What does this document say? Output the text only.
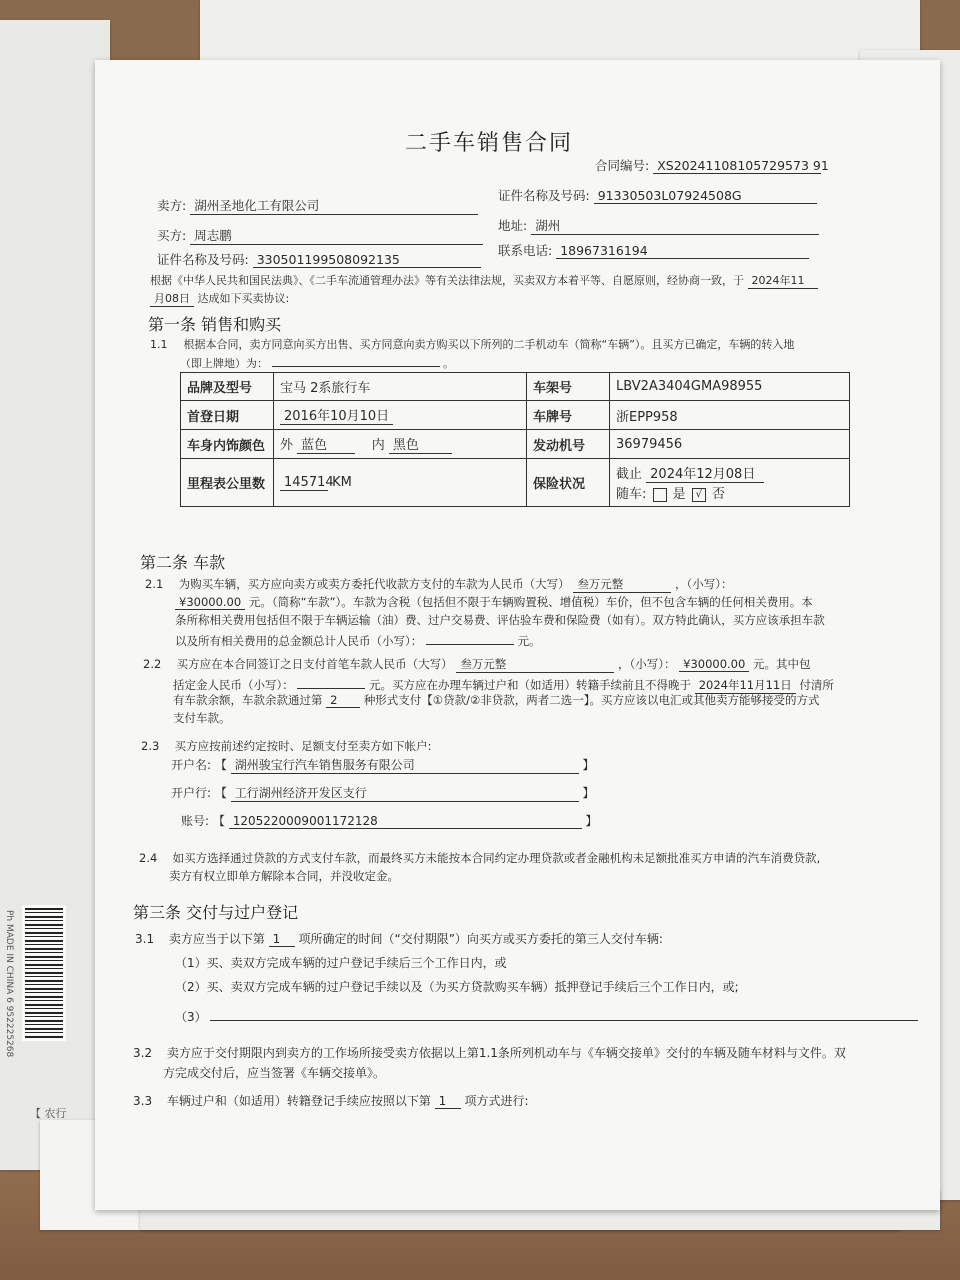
【 农行
Ph MADE IN CHINA 6 952225268
二手车销售合同
合同编号: XS20241108105729573 91
卖方: 湖州圣地化工有限公司
证件名称及号码: 91330503L07924508G
买方: 周志鹏
地址: 湖州
证件名称及号码: 330501199508092135
联系电话: 18967316194
根据《中华人民共和国民法典》、《二手车流通管理办法》等有关法律法规，买卖双方本着平等、自愿原则，经协商一致，于 2024年11
月08日 达成如下买卖协议:
第一条 销售和购买
1.1 根据本合同，卖方同意向买方出售、买方同意向卖方购买以下所列的二手机动车（简称“车辆”）。且买方已确定，车辆的转入地
（即上牌地）为：	。
品牌及型号	宝马 2系旅行车	车架号	LBV2A3404GMA98955
首登日期	2016年10月10日	车牌号	浙EPP958
车身内饰颜色	外 蓝色 内 黑色	发动机号	36979456
里程表公里数	145714 KM	保险状况	截止 2024年12月08日
随车: 是 √ 否
第二条 车款
2.1 为购买车辆，买方应向卖方或卖方委托代收款方支付的车款为人民币（大写） 叁万元整	，（小写）：
¥30000.00 元。（简称“车款”）。车款为含税（包括但不限于车辆购置税、增值税）车价，但不包含车辆的任何相关费用。本
条所称相关费用包括但不限于车辆运输（油）费、过户交易费、评估验车费和保险费（如有）。双方特此确认，买方应该承担车款
以及所有相关费用的总金额总计人民币（小写）：	元。
2.2 买方应在本合同签订之日支付首笔车款人民币（大写） 叁万元整	，（小写）： ¥30000.00 元。其中包
括定金人民币（小写）：	元。买方应在办理车辆过户和（如适用）转籍手续前且不得晚于 2024年11月11日 付清所
有车款余额，车款余款通过第 2 种形式支付【①贷款/②非贷款，两者二选一】。买方应该以电汇或其他卖方能够接受的方式
支付车款。
2.3 买方应按前述约定按时、足额支付至卖方如下帐户:
开户名: 【 湖州骏宝行汽车销售服务有限公司	】
开户行: 【 工行湖州经济开发区支行	】
账号: 【 1205220009001172128	】
2.4 如买方选择通过贷款的方式支付车款，而最终买方未能按本合同约定办理贷款或者金融机构未足额批准买方申请的汽车消费贷款,
卖方有权立即单方解除本合同，并没收定金。
第三条 交付与过户登记
3.1 卖方应当于以下第 1 项所确定的时间（“交付期限”）向买方或买方委托的第三人交付车辆:
（1）买、卖双方完成车辆的过户登记手续后三个工作日内，或
（2）买、卖双方完成车辆的过户登记手续以及（为买方贷款购买车辆）抵押登记手续后三个工作日内，或;
（3）
3.2 卖方应于交付期限内到卖方的工作场所接受卖方依据以上第1.1条所列机动车与《车辆交接单》交付的车辆及随车材料与文件。双
方完成交付后，应当签署《车辆交接单》。
3.3 车辆过户和（如适用）转籍登记手续应按照以下第 1 项方式进行:
